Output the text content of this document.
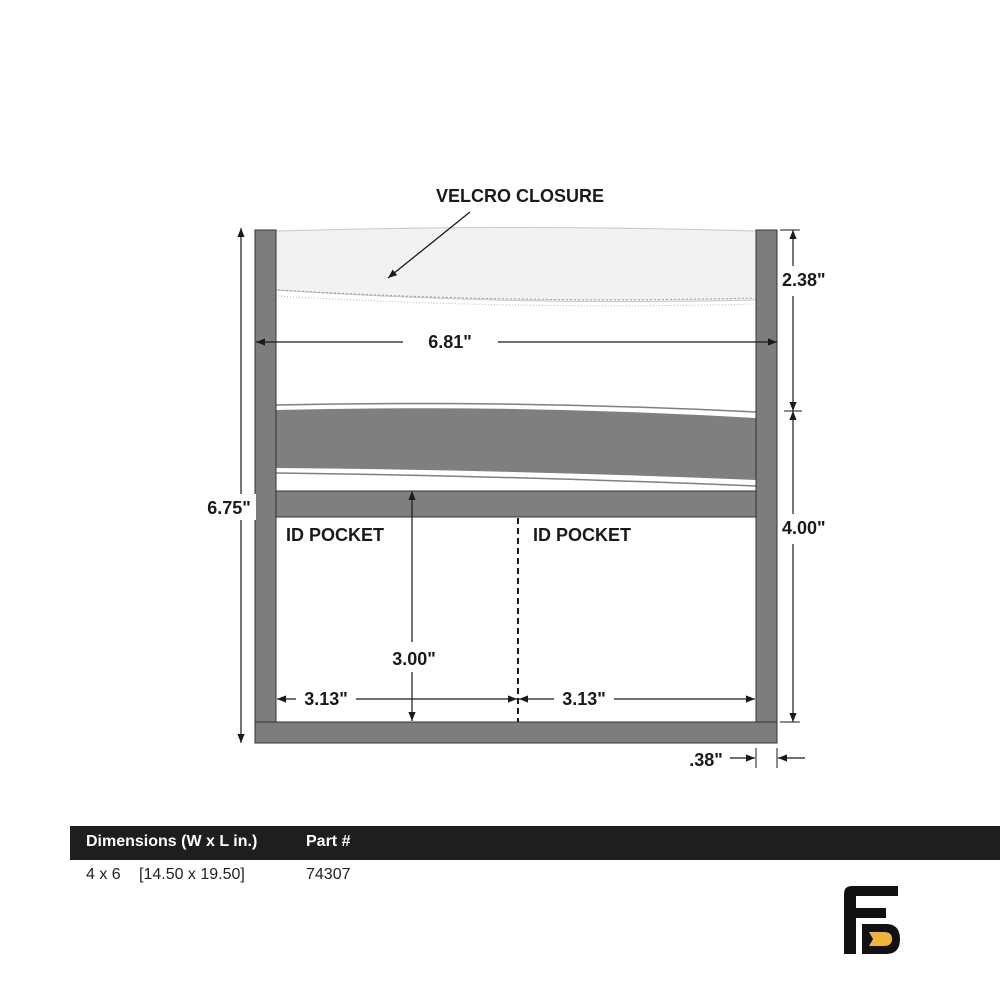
VELCRO CLOSURE
6.75"
6.81"
2.38"
4.00"
ID POCKET	ID POCKET
3.00"
3.13"	3.13"
.38"
Dimensions (W x L in.)	Part #
4 x 6 [14.50 x 19.50]	74307
